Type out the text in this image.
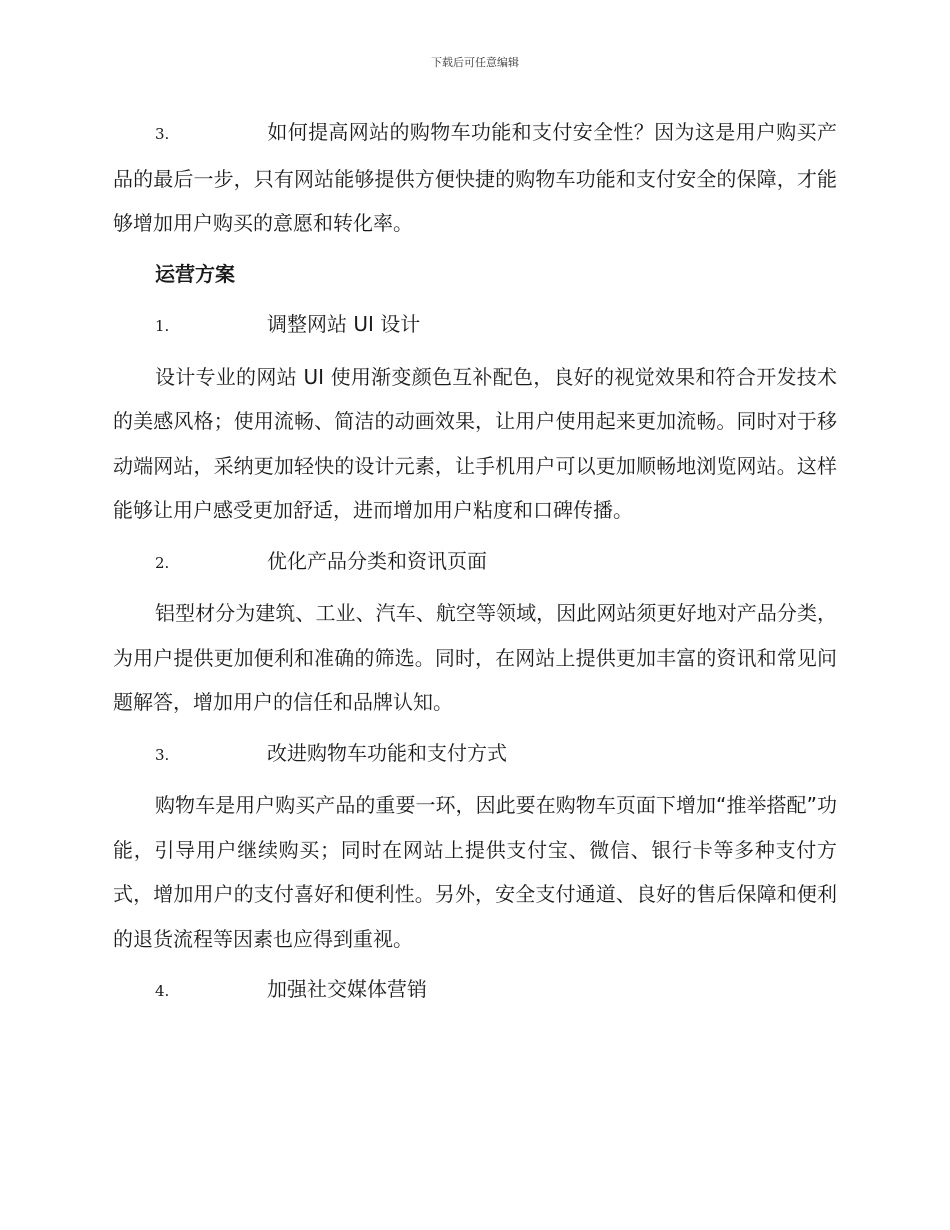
下载后可任意编辑

3.	如何提高网站的购物车功能和支付安全性？因为这是用户购买产品的最后一步，只有网站能够提供方便快捷的购物车功能和支付安全的保障，才能够增加用户购买的意愿和转化率。

运营方案
1.	调整网站 UI 设计

设计专业的网站 UI 使用渐变颜色互补配色，良好的视觉效果和符合开发技术的美感风格；使用流畅、简洁的动画效果，让用户使用起来更加流畅。同时对于移动端网站，采纳更加轻快的设计元素，让手机用户可以更加顺畅地浏览网站。这样能够让用户感受更加舒适，进而增加用户粘度和口碑传播。

2.	优化产品分类和资讯页面

铝型材分为建筑、工业、汽车、航空等领域，因此网站须更好地对产品分类，为用户提供更加便利和准确的筛选。同时，在网站上提供更加丰富的资讯和常见问题解答，增加用户的信任和品牌认知。

3.	改进购物车功能和支付方式

购物车是用户购买产品的重要一环，因此要在购物车页面下增加“推举搭配”功能，引导用户继续购买；同时在网站上提供支付宝、微信、银行卡等多种支付方式，增加用户的支付喜好和便利性。另外，安全支付通道、良好的售后保障和便利的退货流程等因素也应得到重视。

4.	加强社交媒体营销
